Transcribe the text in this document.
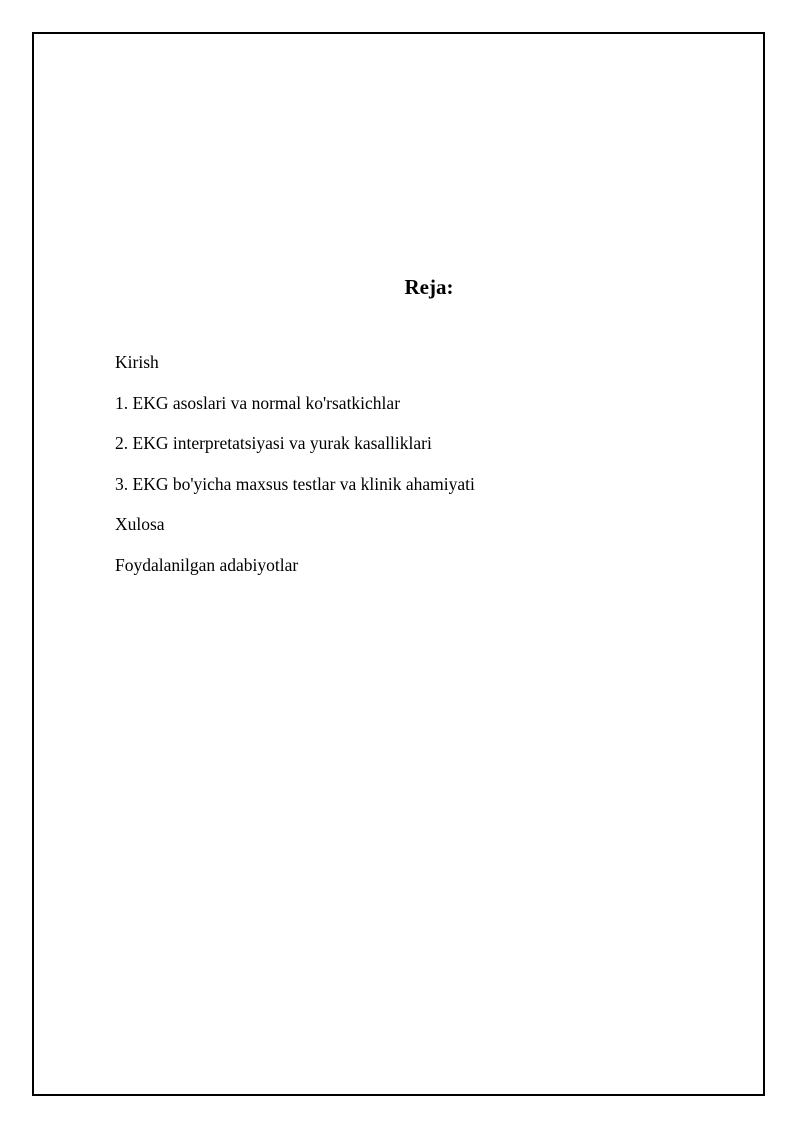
Reja:
Kirish
1. EKG asoslari va normal ko'rsatkichlar
2. EKG interpretatsiyasi va yurak kasalliklari
3. EKG bo'yicha maxsus testlar va klinik ahamiyati
Xulosa
Foydalanilgan adabiyotlar
